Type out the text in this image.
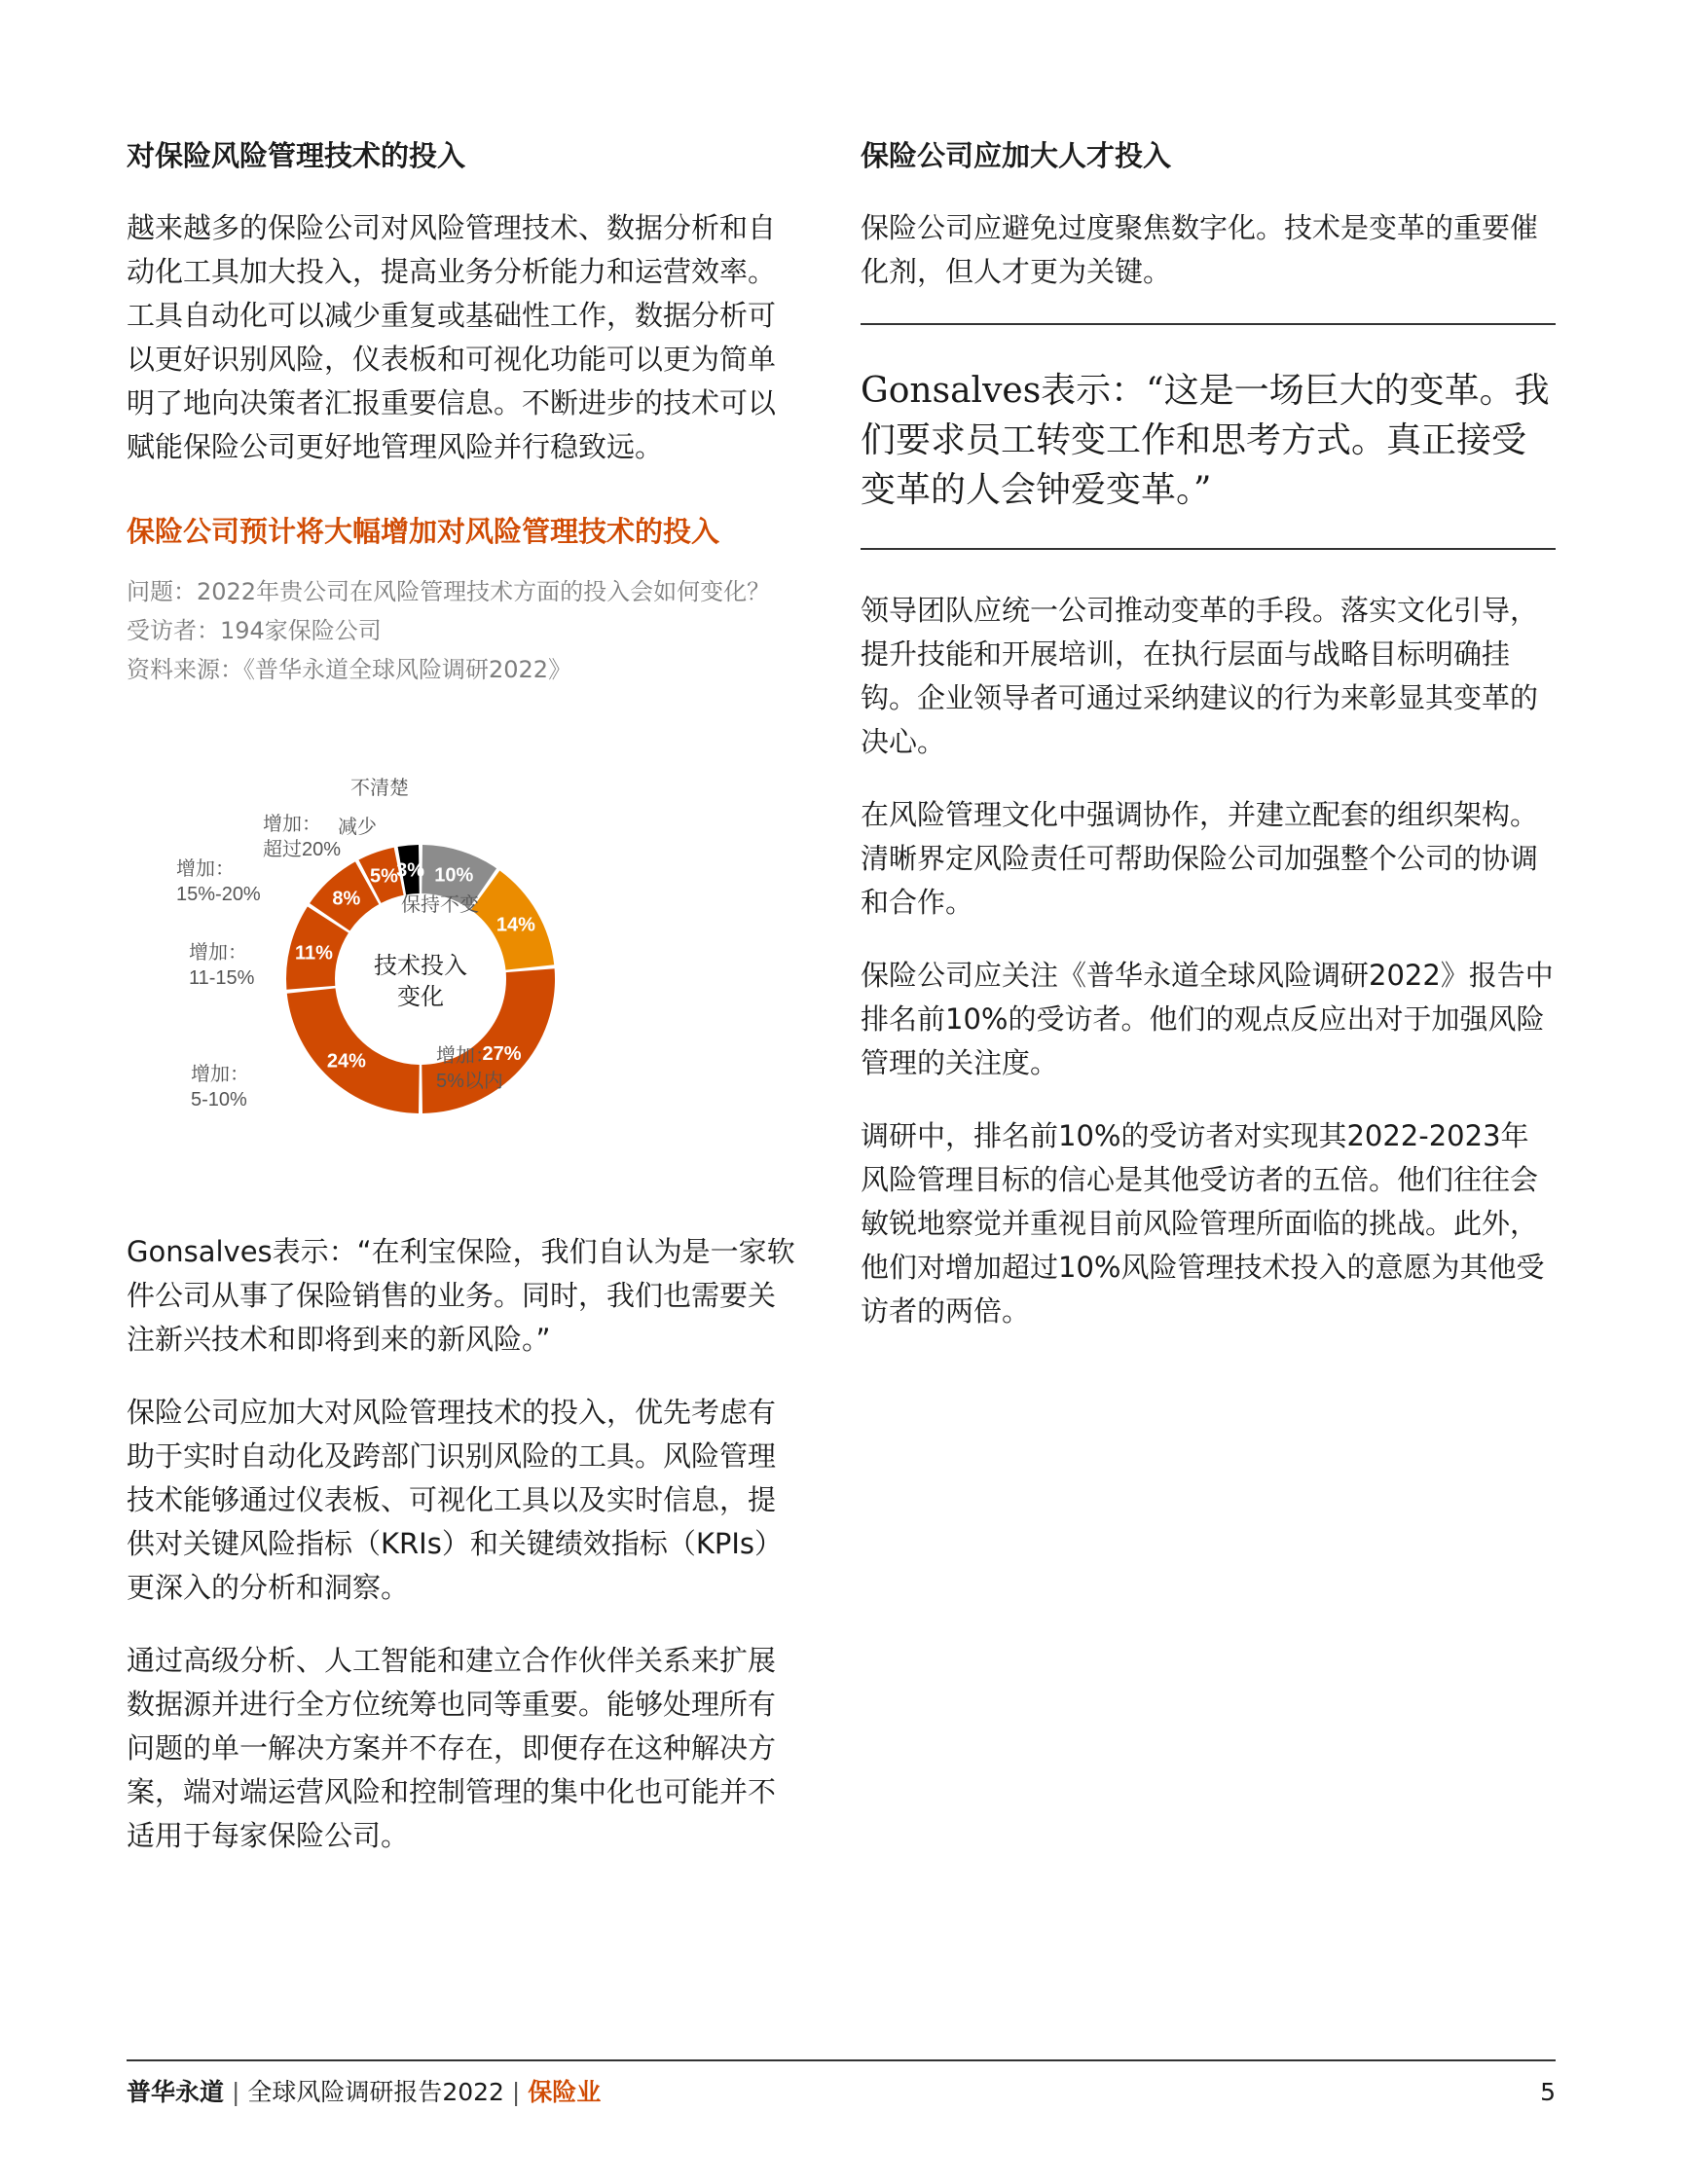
对保险风险管理技术的投入

越来越多的保险公司对风险管理技术、数据分析和自动化工具加大投入，提高业务分析能力和运营效率。工具自动化可以减少重复或基础性工作，数据分析可以更好识别风险，仪表板和可视化功能可以更为简单明了地向决策者汇报重要信息。不断进步的技术可以赋能保险公司更好地管理风险并行稳致远。

保险公司预计将大幅增加对风险管理技术的投入

问题：2022年贵公司在风险管理技术方面的投入会如何变化？

受访者：194家保险公司

资料来源：《普华永道全球风险调研2022》

10%
14%
27%
24%
11%
8%
5%
3%
减少
保持不变
增加： 5%以内
增加： 5-10%
增加： 11-15%
增加： 15%-20%
增加：超过20%
不清楚
技术投入
变化

Gonsalves表示：“在利宝保险，我们自认为是一家软件公司从事了保险销售的业务。同时，我们也需要关注新兴技术和即将到来的新风险。”

保险公司应加大对风险管理技术的投入，优先考虑有助于实时自动化及跨部门识别风险的工具。风险管理技术能够通过仪表板、可视化工具以及实时信息，提供对关键风险指标（KRIs）和关键绩效指标（KPIs）更深入的分析和洞察。

通过高级分析、人工智能和建立合作伙伴关系来扩展数据源并进行全方位统筹也同等重要。能够处理所有问题的单一解决方案并不存在，即便存在这种解决方案，端对端运营风险和控制管理的集中化也可能并不适用于每家保险公司。

保险公司应加大人才投入

保险公司应避免过度聚焦数字化。技术是变革的重要催化剂，但人才更为关键。

Gonsalves表示：“这是一场巨大的变革。我们要求员工转变工作和思考方式。真正接受变革的人会钟爱变革。”

领导团队应统一公司推动变革的手段。落实文化引导，提升技能和开展培训，在执行层面与战略目标明确挂钩。企业领导者可通过采纳建议的行为来彰显其变革的决心。

在风险管理文化中强调协作，并建立配套的组织架构。清晰界定风险责任可帮助保险公司加强整个公司的协调和合作。

保险公司应关注《普华永道全球风险调研2022》报告中排名前10%的受访者。他们的观点反应出对于加强风险管理的关注度。

调研中，排名前10%的受访者对实现其2022-2023年风险管理目标的信心是其他受访者的五倍。他们往往会敏锐地察觉并重视目前风险管理所面临的挑战。此外，他们对增加超过10%风险管理技术投入的意愿为其他受访者的两倍。

普华永道 | 全球风险调研报告2022 | 保险业	5
